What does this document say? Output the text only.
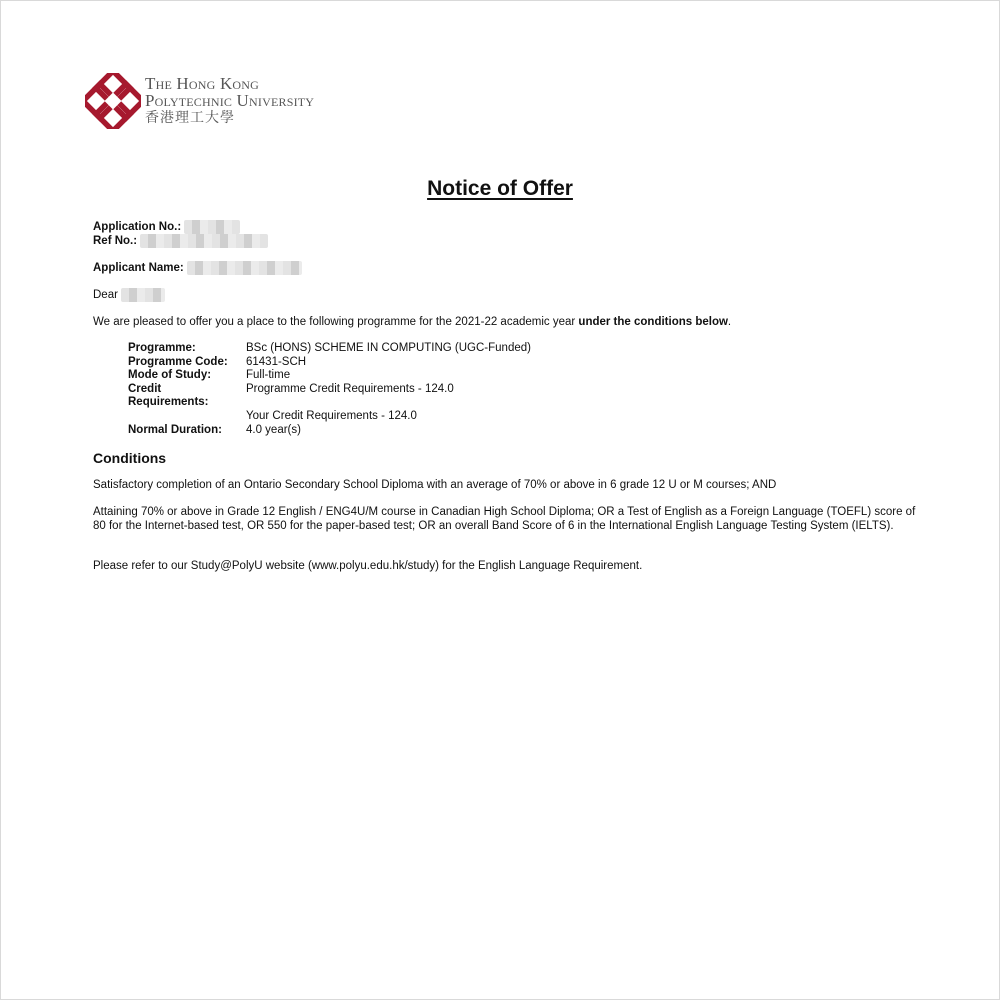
The Hong Kong
Polytechnic University
香港理工大學
Notice of Offer
Application No.:
Ref No.:
Applicant Name:
Dear
We are pleased to offer you a place to the following programme for the 2021-22 academic year under the conditions below.
Programme:	BSc (HONS) SCHEME IN COMPUTING (UGC-Funded)
Programme Code:	61431-SCH
Mode of Study:	Full-time
Credit	Programme Credit Requirements - 124.0
Requirements:
Your Credit Requirements - 124.0
Normal Duration:	4.0 year(s)
Conditions
Satisfactory completion of an Ontario Secondary School Diploma with an average of 70% or above in 6 grade 12 U or M courses; AND
Attaining 70% or above in Grade 12 English / ENG4U/M course in Canadian High School Diploma; OR a Test of English as a Foreign Language (TOEFL) score of 80 for the Internet-based test, OR 550 for the paper-based test; OR an overall Band Score of 6 in the International English Language Testing System (IELTS).
Please refer to our Study@PolyU website (www.polyu.edu.hk/study) for the English Language Requirement.
